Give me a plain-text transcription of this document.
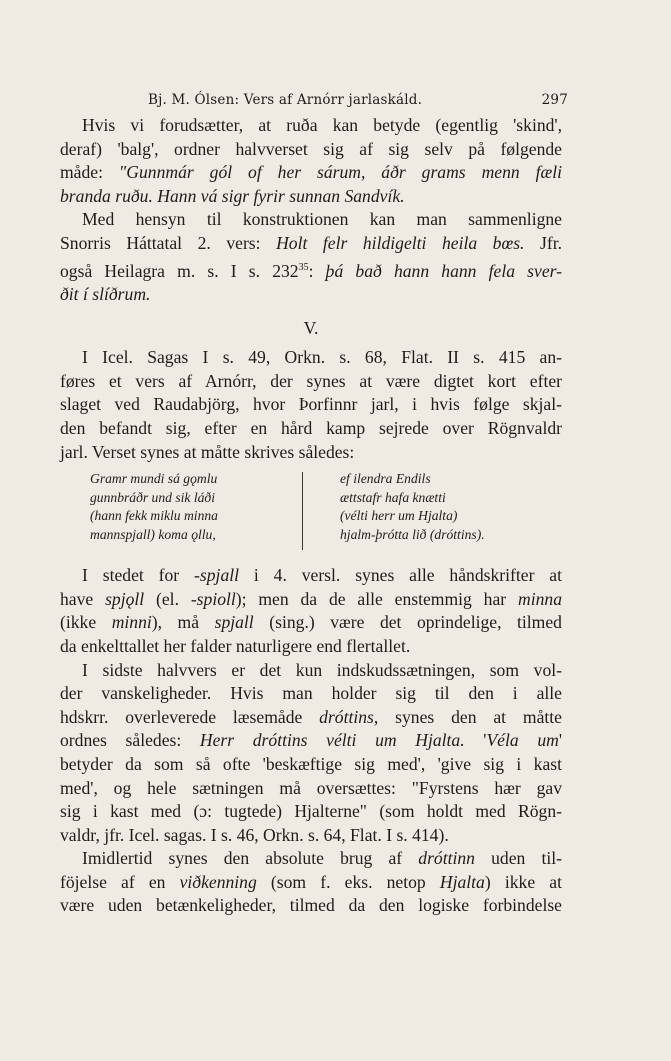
Bj. M. Ólsen: Vers af Arnórr jarlaskáld.	297

Hvis vi forudsætter, at ruða kan betyde (egentlig 'skind',
deraf) 'balg', ordner halvverset sig af sig selv på følgende
måde: "Gunnmár gól of her sárum, áðr grams menn fæli
branda ruðu. Hann vá sigr fyrir sunnan Sandvík.

Med hensyn til konstruktionen kan man sammenligne
Snorris Háttatal 2. vers: Holt felr hildigelti heila bœs. Jfr.
også Heilagra m. s. I s. $232^{35}$: þá bað hann hann fela sver-
ðit í slíðrum.

V.

I Icel. Sagas I s. 49, Orkn. s. 68, Flat. II s. 415 an-
føres et vers af Arnórr, der synes at være digtet kort efter
slaget ved Raudabjörg, hvor Þorfinnr jarl, i hvis følge skjal-
den befandt sig, efter en hård kamp sejrede over Rögnvaldr
jarl. Verset synes at måtte skrives således:

Gramr mundi sá gǫmlu
gunnbráðr und sik láði
(hann fekk miklu minna
mannspjall) koma ǫllu,
ef ilendra Endils
ættstafr hafa knætti
(vélti herr um Hjalta)
hjalm-þrótta lið (dróttins).

I stedet for -spjall i 4. versl. synes alle håndskrifter at
have spjǫll (el. -spioll); men da de alle enstemmig har minna
(ikke minni), må spjall (sing.) være det oprindelige, tilmed
da enkelttallet her falder naturligere end flertallet.

I sidste halvvers er det kun indskudssætningen, som vol-
der vanskeligheder. Hvis man holder sig til den i alle
hdskrr. overleverede læsemåde dróttins, synes den at måtte
ordnes således: Herr dróttins vélti um Hjalta. 'Véla um'
betyder da som så ofte 'beskæftige sig med', 'give sig i kast
med', og hele sætningen må oversættes: "Fyrstens hær gav
sig i kast med (ɔ: tugtede) Hjalterne" (som holdt med Rögn-
valdr, jfr. Icel. sagas. I s. 46, Orkn. s. 64, Flat. I s. 414).

Imidlertid synes den absolute brug af dróttinn uden til-
föjelse af en viðkenning (som f. eks. netop Hjalta) ikke at
være uden betænkeligheder, tilmed da den logiske forbindelse
